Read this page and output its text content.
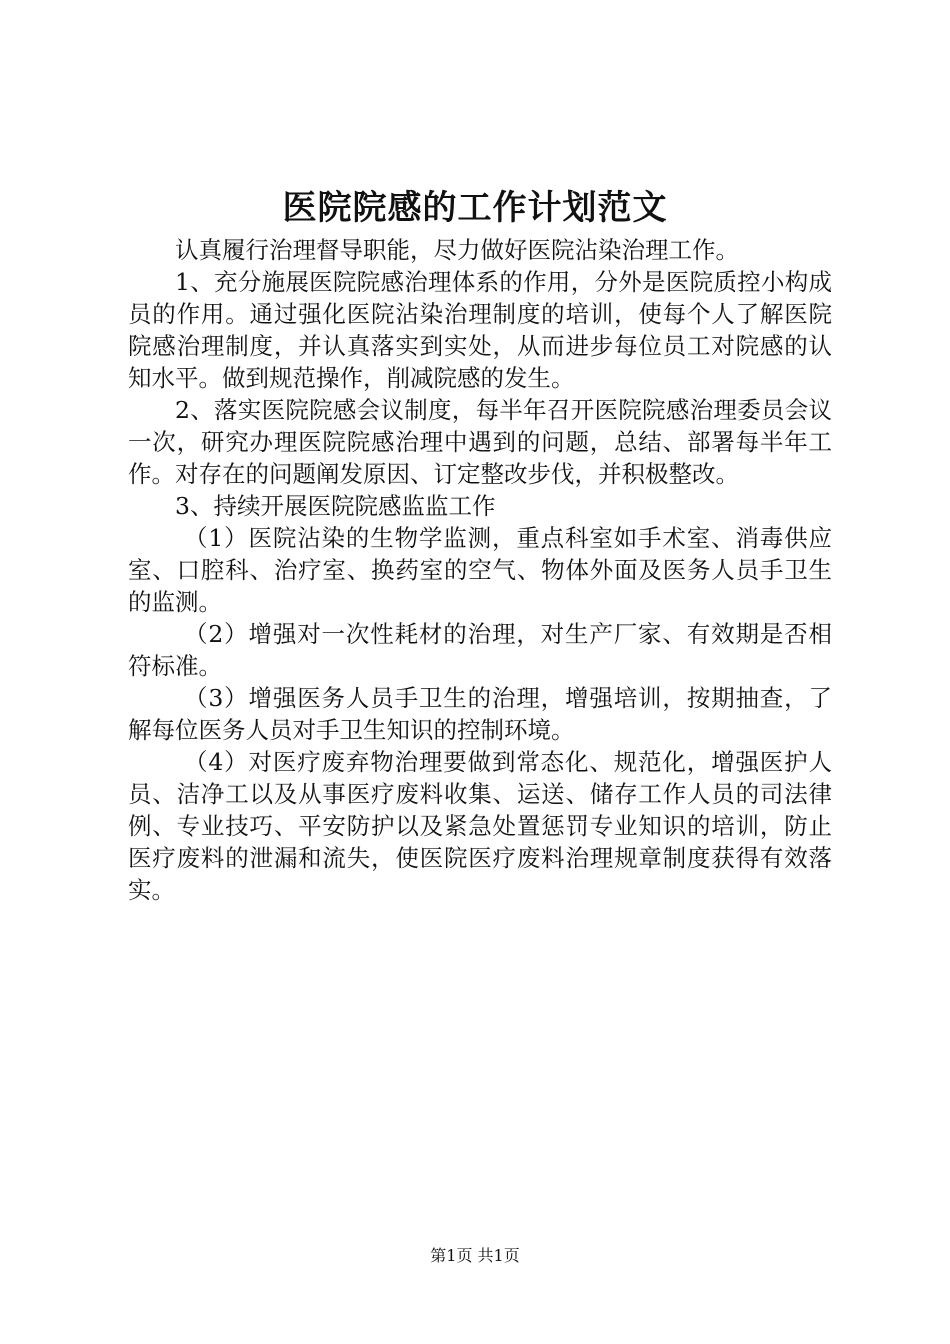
医院院感的工作计划范文

认真履行治理督导职能，尽力做好医院沾染治理工作。

1、充分施展医院院感治理体系的作用，分外是医院质控小构成员的作用。通过强化医院沾染治理制度的培训，使每个人了解医院院感治理制度，并认真落实到实处，从而进步每位员工对院感的认知水平。做到规范操作，削减院感的发生。

2、落实医院院感会议制度，每半年召开医院院感治理委员会议一次，研究办理医院院感治理中遇到的问题，总结、部署每半年工作。对存在的问题阐发原因、订定整改步伐，并积极整改。

3、持续开展医院院感监监工作

（1）医院沾染的生物学监测，重点科室如手术室、消毒供应室、口腔科、治疗室、换药室的空气、物体外面及医务人员手卫生的监测。

（2）增强对一次性耗材的治理，对生产厂家、有效期是否相符标准。

（3）增强医务人员手卫生的治理，增强培训，按期抽查，了解每位医务人员对手卫生知识的控制环境。

（4）对医疗废弃物治理要做到常态化、规范化，增强医护人员、洁净工以及从事医疗废料收集、运送、储存工作人员的司法律例、专业技巧、平安防护以及紧急处置惩罚专业知识的培训，防止医疗废料的泄漏和流失，使医院医疗废料治理规章制度获得有效落实。

第1页 共1页
